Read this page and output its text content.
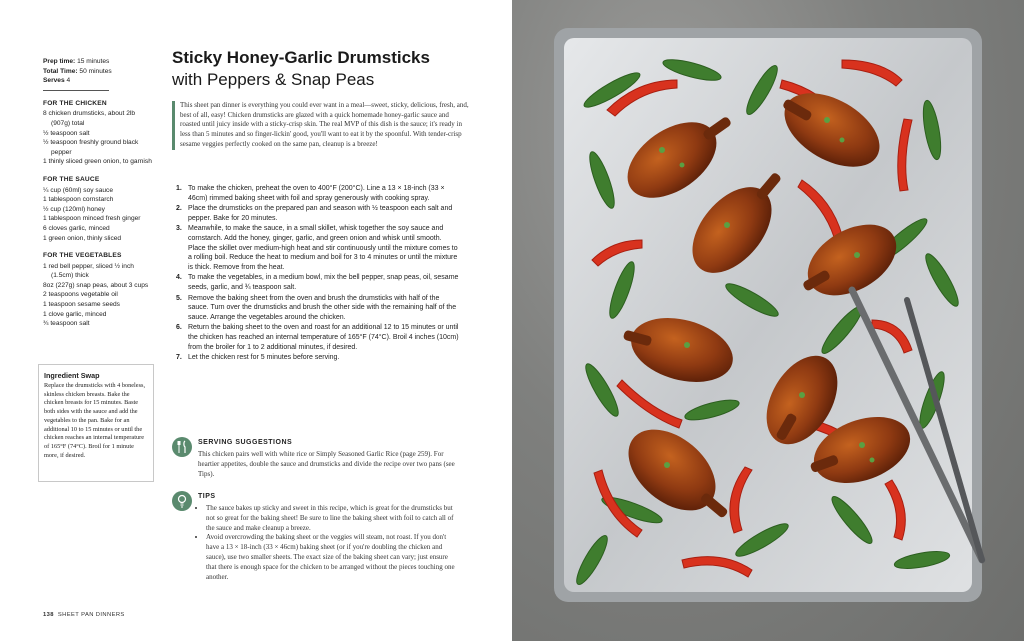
Prep time: 15 minutes
Total Time: 50 minutes
Serves 4
FOR THE CHICKEN
8 chicken drumsticks, about 2lb (907g) total
½ teaspoon salt
½ teaspoon freshly ground black pepper
1 thinly sliced green onion, to garnish
FOR THE SAUCE
¼ cup (60ml) soy sauce
1 tablespoon cornstarch
½ cup (120ml) honey
1 tablespoon minced fresh ginger
6 cloves garlic, minced
1 green onion, thinly sliced
FOR THE VEGETABLES
1 red bell pepper, sliced ½ inch (1.5cm) thick
8oz (227g) snap peas, about 3 cups
2 teaspoons vegetable oil
1 teaspoon sesame seeds
1 clove garlic, minced
¾ teaspoon salt
Ingredient Swap

Replace the drumsticks with 4 boneless, skinless chicken breasts. Bake the chicken breasts for 15 minutes. Baste both sides with the sauce and add the vegetables to the pan. Bake for an additional 10 to 15 minutes or until the chicken reaches an internal temperature of 165°F (74°C). Broil for 1 minute more, if desired.

Sticky Honey-Garlic Drumsticks
with Peppers & Snap Peas
This sheet pan dinner is everything you could ever want in a meal—sweet, sticky, delicious, fresh, and, best of all, easy! Chicken drumsticks are glazed with a quick homemade honey-garlic sauce and roasted until juicy inside with a sticky-crisp skin. The real MVP of this dish is the sauce; it's ready in less than 5 minutes and so finger-lickin' good, you'll want to eat it by the spoonful. With tender-crisp sesame veggies perfectly cooked on the same pan, cleanup is a breeze!
1. To make the chicken, preheat the oven to 400°F (200°C). Line a 13 × 18-inch (33 × 46cm) rimmed baking sheet with foil and spray generously with cooking spray.
2. Place the drumsticks on the prepared pan and season with ½ teaspoon each salt and pepper. Bake for 20 minutes.
3. Meanwhile, to make the sauce, in a small skillet, whisk together the soy sauce and cornstarch. Add the honey, ginger, garlic, and green onion and whisk until smooth. Place the skillet over medium-high heat and stir continuously until the mixture comes to a rolling boil. Reduce the heat to medium and boil for 3 to 4 minutes or until the mixture is thick. Remove from the heat.
4. To make the vegetables, in a medium bowl, mix the bell pepper, snap peas, oil, sesame seeds, garlic, and ¾ teaspoon salt.
5. Remove the baking sheet from the oven and brush the drumsticks with half of the sauce. Turn over the drumsticks and brush the other side with the remaining half of the sauce. Arrange the vegetables around the chicken.
6. Return the baking sheet to the oven and roast for an additional 12 to 15 minutes or until the chicken has reached an internal temperature of 165°F (74°C). Broil 4 inches (10cm) from the broiler for 1 to 2 additional minutes, if desired.
7. Let the chicken rest for 5 minutes before serving.
SERVING SUGGESTIONS
This chicken pairs well with white rice or Simply Seasoned Garlic Rice (page 259). For heartier appetites, double the sauce and drumsticks and divide the recipe over two pans (see Tips).
TIPS
• The sauce bakes up sticky and sweet in this recipe, which is great for the drumsticks but not so great for the baking sheet! Be sure to line the baking sheet with foil to catch all of the sauce and make cleanup a breeze.
• Avoid overcrowding the baking sheet or the veggies will steam, not roast. If you don't have a 13 × 18-inch (33 × 46cm) baking sheet (or if you're doubling the chicken and sauce), use two smaller sheets. The exact size of the baking sheet can vary; just ensure that there is enough space for the chicken to be arranged without the pieces touching one another.
138 SHEET PAN DINNERS
